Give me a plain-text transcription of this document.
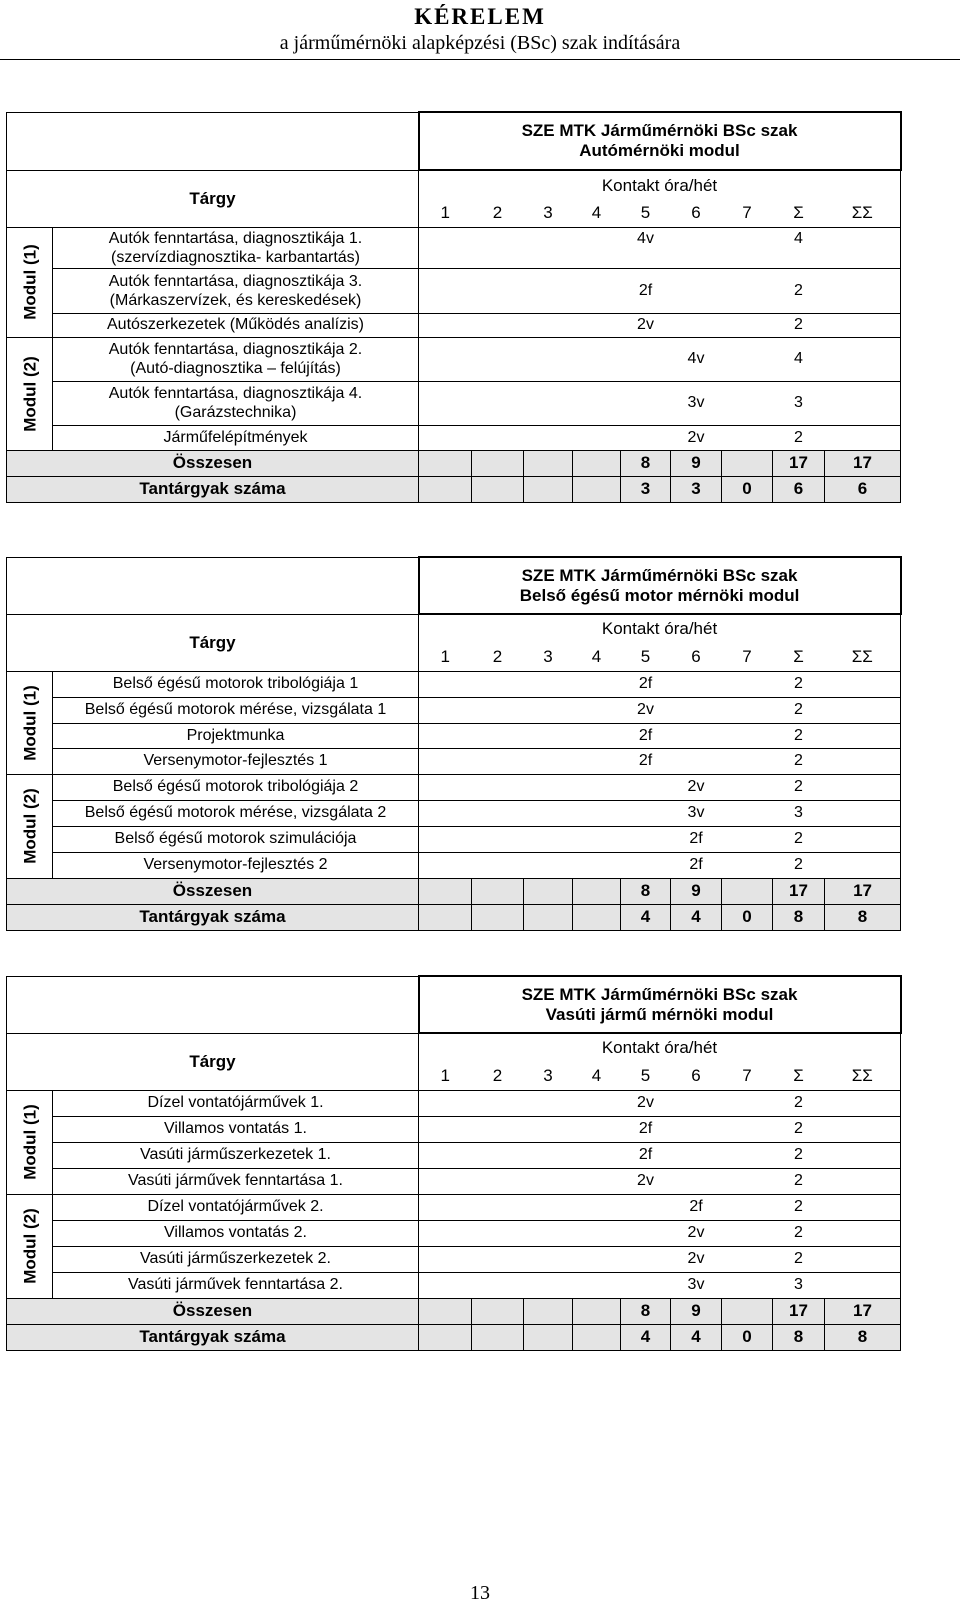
KÉRELEM
a járműmérnöki alapképzési (BSc) szak indítására

		SZE MTK Járműmérnöki BSc szak
Autómérnöki modul								

Tárgy		Kontakt óra/hét								
		1	2	3	4	5	6	7	Σ	ΣΣ

Modul (1)	Autók fenntartása, diagnosztikája 1.
(szervízdiagnosztika- karbantartás)					4v			4	

	Autók fenntartása, diagnosztikája 3.
(Márkaszervízek, és kereskedések)					2f			2	
	Autószerkezetek (Működés analízis)					2v			2	

Modul (2)	Autók fenntartása, diagnosztikája 2.
(Autó-diagnosztika – felújítás)						4v		4	

	Autók fenntartása, diagnosztikája 4.
(Garázstechnika)						3v		3	
	Járműfelépítmények						2v		2	
Összesen						8	9		17	17
Tantárgyak száma						3	3	0	6	6

		SZE MTK Járműmérnöki BSc szak
Belső égésű motor mérnöki modul								

Tárgy		Kontakt óra/hét								
		1	2	3	4	5	6	7	Σ	ΣΣ

Modul (1)	Belső égésű motorok tribológiája 1					2f			2	
	Belső égésű motorok mérése, vizsgálata 1					2v			2	
	Projektmunka					2f			2	
	Versenymotor-fejlesztés 1					2f			2	

Modul (2)	Belső égésű motorok tribológiája 2						2v		2	
	Belső égésű motorok mérése, vizsgálata 2						3v		3	
	Belső égésű motorok szimulációja						2f		2	
	Versenymotor-fejlesztés 2						2f		2	
Összesen						8	9		17	17
Tantárgyak száma						4	4	0	8	8

		SZE MTK Járműmérnöki BSc szak
Vasúti jármű mérnöki modul								

Tárgy		Kontakt óra/hét								
		1	2	3	4	5	6	7	Σ	ΣΣ

Modul (1)	Dízel vontatójárművek 1.					2v			2	
	Villamos vontatás 1.					2f			2	
	Vasúti járműszerkezetek 1.					2f			2	
	Vasúti járművek fenntartása 1.					2v			2	

Modul (2)	Dízel vontatójárművek 2.						2f		2	
	Villamos vontatás 2.						2v		2	
	Vasúti járműszerkezetek 2.						2v		2	
	Vasúti járművek fenntartása 2.						3v		3	
Összesen						8	9		17	17
Tantárgyak száma						4	4	0	8	8
13
